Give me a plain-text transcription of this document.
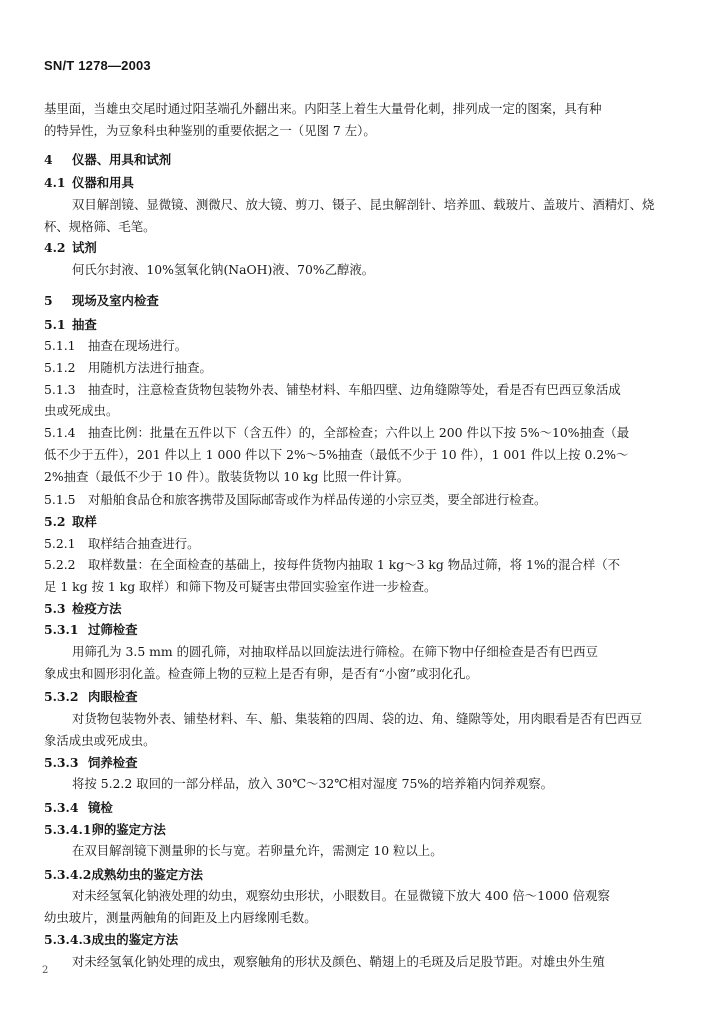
SN/T 1278—2003
基里面，当雄虫交尾时通过阳茎端孔外翻出来。内阳茎上着生大量骨化刺，排列成一定的图案，具有种
的特异性，为豆象科虫种鉴别的重要依据之一（见图 7 左）。
4 仪器、用具和试剂
4.1 仪器和用具
双目解剖镜、显微镜、测微尺、放大镜、剪刀、镊子、昆虫解剖针、培养皿、载玻片、盖玻片、酒精灯、烧
杯、规格筛、毛笔。
4.2 试剂
何氏尔封液、10%氢氧化钠(NaOH)液、70%乙醇液。
5 现场及室内检查
5.1 抽查
5.1.1 抽查在现场进行。
5.1.2 用随机方法进行抽查。
5.1.3 抽查时，注意检查货物包装物外表、铺垫材料、车船四壁、边角缝隙等处，看是否有巴西豆象活成
虫或死成虫。
5.1.4 抽查比例：批量在五件以下（含五件）的，全部检查；六件以上 200 件以下按 5%～10%抽查（最
低不少于五件），201 件以上 1 000 件以下 2%～5%抽查（最低不少于 10 件），1 001 件以上按 0.2%～
2%抽查（最低不少于 10 件）。散装货物以 10 kg 比照一件计算。
5.1.5 对船舶食品仓和旅客携带及国际邮寄或作为样品传递的小宗豆类，要全部进行检查。
5.2 取样
5.2.1 取样结合抽查进行。
5.2.2 取样数量：在全面检查的基础上，按每件货物内抽取 1 kg～3 kg 物品过筛，将 1%的混合样（不
足 1 kg 按 1 kg 取样）和筛下物及可疑害虫带回实验室作进一步检查。
5.3 检疫方法
5.3.1 过筛检查
用筛孔为 3.5 mm 的圆孔筛，对抽取样品以回旋法进行筛检。在筛下物中仔细检查是否有巴西豆
象成虫和圆形羽化盖。检查筛上物的豆粒上是否有卵，是否有“小窗”或羽化孔。
5.3.2 肉眼检查
对货物包装物外表、铺垫材料、车、船、集装箱的四周、袋的边、角、缝隙等处，用肉眼看是否有巴西豆
象活成虫或死成虫。
5.3.3 饲养检查
将按 5.2.2 取回的一部分样品，放入 30℃～32℃相对湿度 75%的培养箱内饲养观察。
5.3.4 镜检
5.3.4.1卵的鉴定方法
在双目解剖镜下测量卵的长与宽。若卵量允许，需测定 10 粒以上。
5.3.4.2成熟幼虫的鉴定方法
对未经氢氧化钠液处理的幼虫，观察幼虫形状，小眼数目。在显微镜下放大 400 倍～1000 倍观察
幼虫玻片，测量两触角的间距及上内唇缘刚毛数。
5.3.4.3成虫的鉴定方法
对未经氢氧化钠处理的成虫，观察触角的形状及颜色、鞘翅上的毛斑及后足股节距。对雄虫外生殖
2
